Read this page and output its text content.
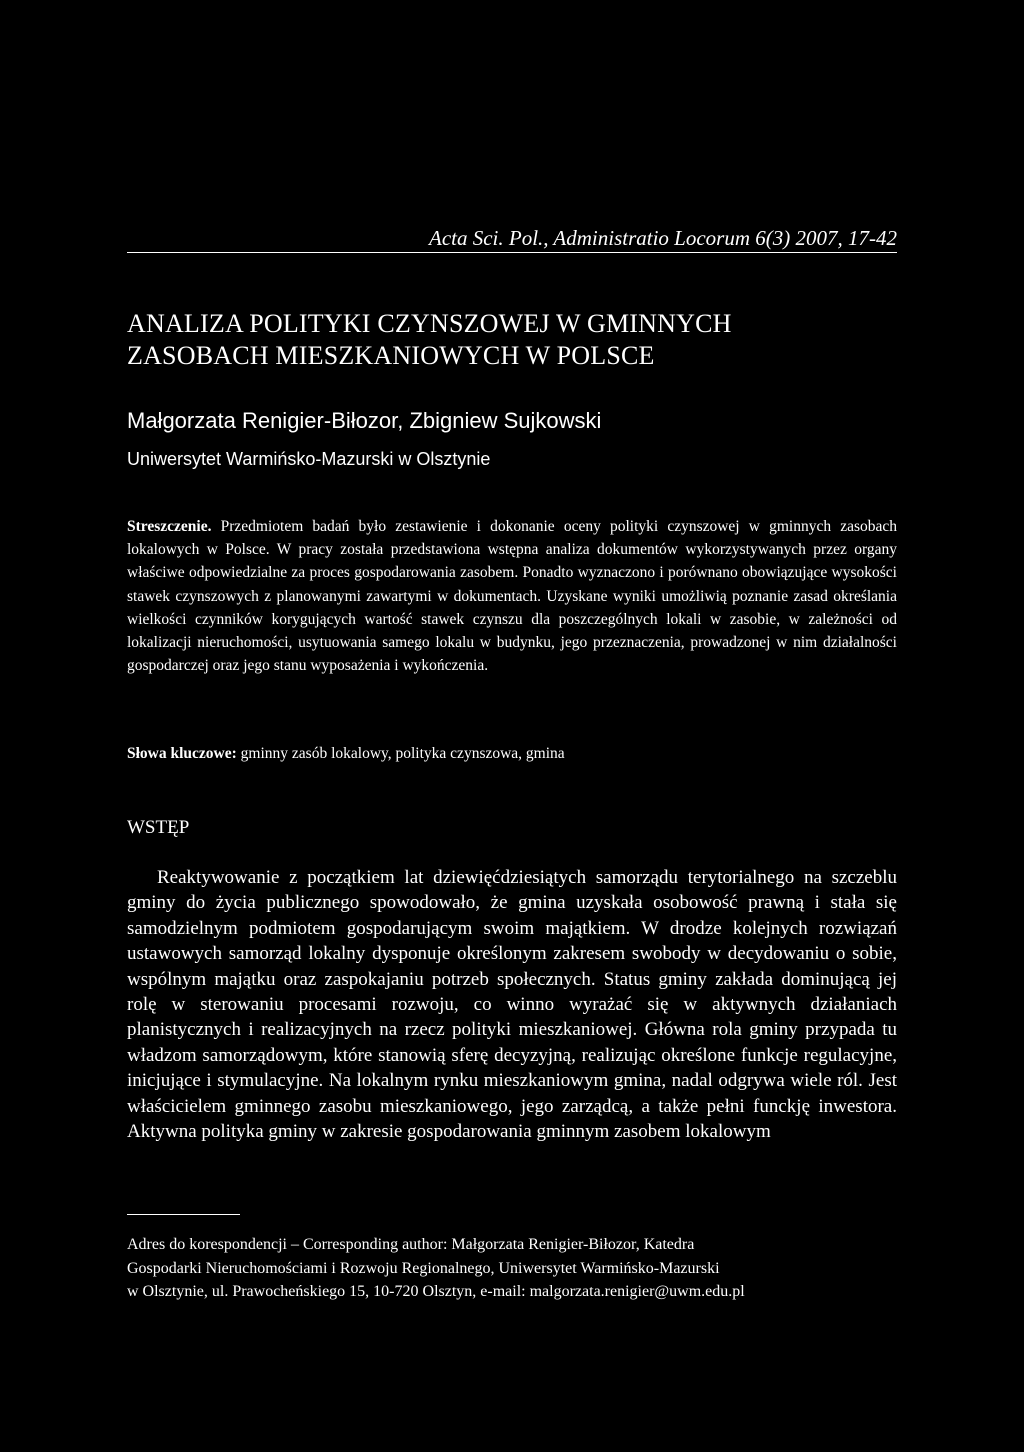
Acta Sci. Pol., Administratio Locorum 6(3) 2007, 17-42
ANALIZA POLITYKI CZYNSZOWEJ W GMINNYCH
ZASOBACH MIESZKANIOWYCH W POLSCE
Małgorzata Renigier-Biłozor, Zbigniew Sujkowski
Uniwersytet Warmińsko-Mazurski w Olsztynie
Streszczenie. Przedmiotem badań było zestawienie i dokonanie oceny polityki czynszowej w gminnych zasobach lokalowych w Polsce. W pracy została przedstawiona wstępna analiza dokumentów wykorzystywanych przez organy właściwe odpowiedzialne za proces gospodarowania zasobem. Ponadto wyznaczono i porównano obowiązujące wysokości stawek czynszowych z planowanymi zawartymi w dokumentach. Uzyskane wyniki umożliwią poznanie zasad określania wielkości czynników korygujących wartość stawek czynszu dla poszczególnych lokali w zasobie, w zależności od lokalizacji nieruchomości, usytuowania samego lokalu w budynku, jego przeznaczenia, prowadzonej w nim działalności gospodarczej oraz jego stanu wyposażenia i wykończenia.
Słowa kluczowe: gminny zasób lokalowy, polityka czynszowa, gmina
WSTĘP

Reaktywowanie z początkiem lat dziewięćdziesiątych samorządu terytorialnego na szczeblu gminy do życia publicznego spowodowało, że gmina uzyskała osobowość prawną i stała się samodzielnym podmiotem gospodarującym swoim majątkiem. W drodze kolejnych rozwiązań ustawowych samorząd lokalny dysponuje określonym zakresem swobody w decydowaniu o sobie, wspólnym majątku oraz zaspokajaniu potrzeb społecznych. Status gminy zakłada dominującą jej rolę w sterowaniu procesami rozwoju, co winno wyrażać się w aktywnych działaniach planistycznych i realizacyjnych na rzecz polityki mieszkaniowej. Główna rola gminy przypada tu władzom samorządowym, które stanowią sferę decyzyjną, realizując określone funkcje regulacyjne, inicjujące i stymulacyjne. Na lokalnym rynku mieszkaniowym gmina, nadal odgrywa wiele ról. Jest właścicielem gminnego zasobu mieszkaniowego, jego zarządcą, a także pełni funckję inwestora. Aktywna polityka gminy w zakresie gospodarowania gminnym zasobem lokalowym

Adres do korespondencji – Corresponding author: Małgorzata Renigier-Biłozor, Katedra
Gospodarki Nieruchomościami i Rozwoju Regionalnego, Uniwersytet Warmińsko-Mazurski
w Olsztynie, ul. Prawocheńskiego 15, 10-720 Olsztyn, e-mail: malgorzata.renigier@uwm.edu.pl
